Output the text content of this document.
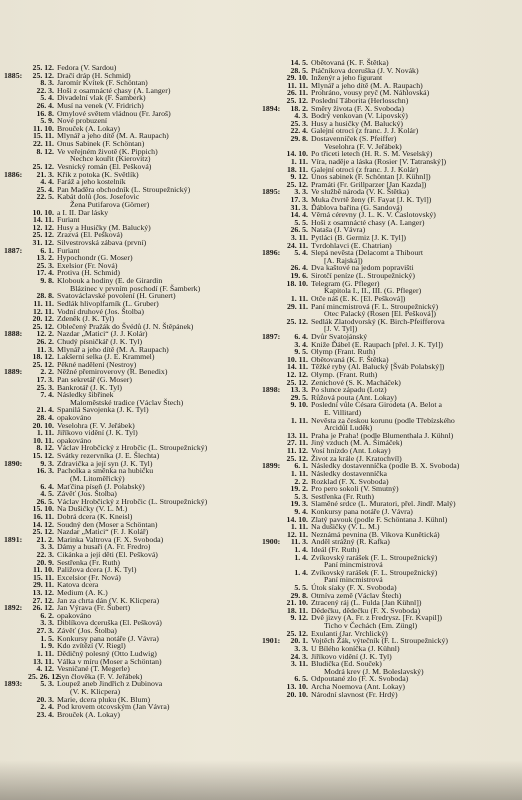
25. 12. Fedora (V. Sardou)
1885:	25. 12. Dračí dráp (H. Schmid)
8. 3. Jaromír Kvítek (F. Schöntan)
22. 3. Hoši z osamnácté chasy (A. Langer)
5. 4. Divadelní vlak (F. Šamberk)
26. 4. Musí na venek (V. Fridrich)
16. 8. Omylové světem vládnou (Fr. Jaroš)
5. 9. Nové probuzení
11. 10. Brouček (A. Lokay)
15. 11. Mlynář a jeho dítě (M. A. Raupach)
22. 11. Onus Sabinek (F. Schöntan)
8. 12. Ve veřejném životě (K. Pippich)
Nechce kouřit (Kierovitz)
25. 12. Vesnický román (El. Pešková)
1886:	21. 3. Křik z potoka (K. Světlík)
4. 4. Faráž a jeho kostelník
25. 4. Pan Maděra obchodník (L. Stroupežnický)
22. 5. Kabát dolů (Jos. Josefovic
Žena Putifarova (Görner)
10. 10. a I. II. Dar lásky
14. 11. Furiant
12. 12. Husy a Husičky (M. Balucký)
25. 12. Zrazvá (El. Pešková)
31. 12. Silvestrovská zábava (první)
1887:	6. 1. Furiant
13. 2. Hypochondr (G. Moser)
25. 3. Exelsior (Fr. Nová)
17. 4. Protiva (H. Schmid)
9. 8. Klobouk a hodiny (E. de Girardin
Blázinec v prvním poschodí (F. Šamberk)
28. 8. Svatováclavské povolení (H. Grunert)
11. 11. Sedlák hlivoplfarník (L. Gruber)
12. 11. Vodní druhové (Jos. Štolba)
20. 12. Zdeněk (J. K. Tyl)
25. 12. Oblečený Pražák do Švédů (J. N. Štěpánek)
1888:	12. 2. Nazdar „Matici“ (J. J. Kolár)
26. 2. Chudý písničkář (J. K. Tyl)
11. 3. Mlynář a jeho dítě (M. A. Raupach)
18. 12. Lakšerní selka (J. E. Krammel)
25. 12. Pěkné nadělení (Nestroy)
1889:	2. 2. Něžné přemiroverovy (R. Benedix)
17. 3. Pan sekretář (G. Moser)
25. 3. Bankrotář (J. K. Tyl)
7. 4. Následky šibřinek
Maloměstské tradice (Václav Štech)
21. 4. Spanilá Savojenka (J. K. Tyl)
28. 4. opakováno
20. 10. Veselohra (F. V. Jeřábek)
1. 11. Jiříkovo vidění (J. K. Tyl)
10. 11. opakováno
8. 12. Václav Hrobčický z Hrobčic (L. Stroupežnický)
15. 12. Svátky rezervníka (J. E. Šlechta)
1890:	9. 3. Zdravička a její syn (J. K. Tyl)
16. 3. Pacholka a směnka na hubičku
(M. Litoměřický)
6. 4. Maťčina píseň (J. Polabský)
4. 5. Závěť (Jos. Štolba)
26. 5. Václav Hrobčický z Hrobčic (L. Stroupežnický)
15. 10. Na Dušičky (V. L. M.)
16. 11. Dobrá dcera (K. Kneisl)
14. 12. Soudný den (Moser a Schöntan)
25. 12. Nazdar „Matici“ (F. J. Kolář)
1891:	21. 2. Marinka Valtrova (F. X. Svoboda)
3. 3. Dámy a husaři (A. Fr. Fredro)
22. 3. Cikánka a její děti (El. Pešková)
20. 9. Sestřenka (Fr. Ruth)
11. 10. Paližova dcera (J. K. Tyl)
15. 11. Excelsior (Fr. Nová)
29. 11. Katova dcera
13. 12. Medium (A. K.)
27. 12. Jan za chrta dán (V. K. Klicpera)
1892:	26. 12. Jan Výrava (Fr. Šubert)
6. 2. opakováno
3. 3. Diblíkova dceruška (El. Pešková)
27. 3. Závěť (Jos. Štolba)
1. 5. Konkursy pana notáře (J. Vávra)
1. 9. Kdo zvítězí (V. Riegl)
1. 11. Dědičný polesný (Otto Ludwig)
13. 11. Válka v míru (Moser a Schöntan)
4. 12. Vesničané (T. Megerle)
25. 26. 12.
Syn člověka (F. V. Jeřábek)
1893:	5. 3. Loupež aneb Jindřich z Dubinova
(V. K. Klicpera)
20. 3. Marie, dcera pluku (K. Blum)
2. 4. Pod krovem otcovským (Jan Vávra)
23. 4. Brouček (A. Lokay)
14. 5. Obětovaná (K. F. Štětka)
28. 5. Ptáčníkova dceruška (J. V. Novák)
29. 10. Inženýr a jeho figurant
11. 11. Mlynář a jeho dítě (M. A. Raupach)
26. 11. Prohráno, vousy pryč (M. Náhlovská)
25. 12. Poslední Táborita (Herlosschn)
1894:	18. 2. Směry života (F. X. Svoboda)
4. 3. Bodrý venkovan (V. Lipovský)
25. 3. Husy a husičky (M. Balucký)
22. 4. Galejní otroci (z franc. J. J. Kolár)
29. 8. Dostavenníček (S. Pfeiffer)
Veselohra (F. V. Jeřábek)
14. 10. Po třiceti letech (H. R. S. M. Veselský)
1. 11. Víra, naděje a láska (Rosier [V. Tatranský])
18. 11. Galejní otroci (z franc. J. J. Kolár)
9. 12. Únos sabinek (F. Schöntan [J. Kühnl])
25. 12. Pramáti (Fr. Grillparzer [Jan Kazda])
1895:	3. 3. Ve službě národa (V. K. Štětka)
17. 3. Muka čtvrtě ženy (F. Fayat [J. K. Tyl])
31. 3. Ďáblova bařina (G. Sandová)
14. 4. Věrná cérevny (J. L. K. V. Časlotovský)
5. 5. Hoši z osamnácté chasy (A. Langer)
26. 5. Nataša (J. Vávra)
3. 11. Pytláci (B. Germiz [J. K. Tyl])
24. 11. Tvrdohlavci (E. Chatrian)
1896:	5. 4. Slepá nevěsta (Delacomt a Thibourt
[A. Rajská])
26. 4. Dva kaštové na jedom popravišti
19. 6. Sirotčí peníze (L. Stroupežnický)
18. 10. Telegram (G. Pfleger)
Kapitola I., II., III. (G. Pfleger)
1. 11. Otče náš (E. K. [El. Pešková])
29. 11. Paní mincmistrová (F. L. Stroupežnický)
Otec Palacký (Rosen [El. Pešková])
25. 12. Sedlák Zlatodvorský (K. Birch-Pfeifferova
[J. V. Tyl])
1897:	6. 4. Dvůr Svatojánský
3. 4. Kniže Ďábel (E. Raupach [přel. J. K. Tyl])
9. 5. Olymp (Frant. Ruth)
10. 11. Obětovaná (K. F. Štětka)
14. 11. Těžké ryby (Al. Balucký [Šváb Polabský])
12. 12. Olymp. (Frant. Ruth)
25. 12. Zenichové (S. K. Macháček)
1898:	13. 3. Po slunce západu (Lotz)
29. 5. Růžová pouta (Ant. Lokay)
9. 10. Poslední vůle Césara Girodeta (A. Belot a
E. Villitard)
1. 11. Nevěsta za českou korunu (podle Třebízského
Arcidůl Luděk)
13. 11. Praha je Praha! (podle Blumenthala J. Kühnl)
27. 11. Jiný vzduch (M. A. Šimáček)
11. 12. Vosí hnízdo (Ant. Lokay)
25. 12. Život za krále (J. Kratochvíl)
1899:	6. 1. Následky dostavenníčka (podle B. X. Svoboda)
1. 11. Následky dostavenníčka
2. 2. Rozklad (F. X. Svoboda)
19. 2. Pro pero sokoli (V. Smutný)
5. 3. Sestřenka (Fr. Ruth)
19. 3. Slaměné srdce (L. Muratori, přel. Jindř. Malý)
9. 4. Konkursy pana notáře (J. Vávra)
14. 10. Zlatý pavouk (podle F. Schöntana J. Kühnl)
1. 11. Na dušičky (V. L. M.)
12. 11. Neznámá pevnina (B. Vikova Kunětická)
1900:	11. 3. Anděl strážný (R. Kafka)
1. 4. Ideál (Fr. Ruth)
1. 4. Zvíkovský rarášek (F. L. Stroupežnický)
Paní mincmistrová
1. 4. Zvíkovský rarášek (F. L. Stroupežnický)
Paní mincmistrová
5. 5. Útok síaky (F. X. Svoboda)
29. 8. Otmíva země (Václav Štech)
21. 10. Ztracený ráj (L. Fulda [Jan Kühnl])
18. 11. Dědečku, dědečku (F. X. Svoboda)
9. 12. Dvě jizvy (A. Fr. z Fredrysz. [Fr. Kvapil])
Ticho v Čechách (Em. Züngl)
25. 12. Exulanti (Jar. Vrchlický)
1901:	20. 1. Vojtěch Žák, výtečník (F. L. Stroupežnický)
3. 3. U Bílého koníčka (J. Kühnl)
24. 3. Jiříkovo vidění (J. K. Tyl)
3. 11. Bludička (Ed. Souček)
Modrá krev (J. M. Boleslavský)
6. 5. Odpoutané zlo (F. X. Svoboda)
13. 10. Archa Noemova (Ant. Lokay)
20. 10. Národní slavnost (Fr. Hrdý)
